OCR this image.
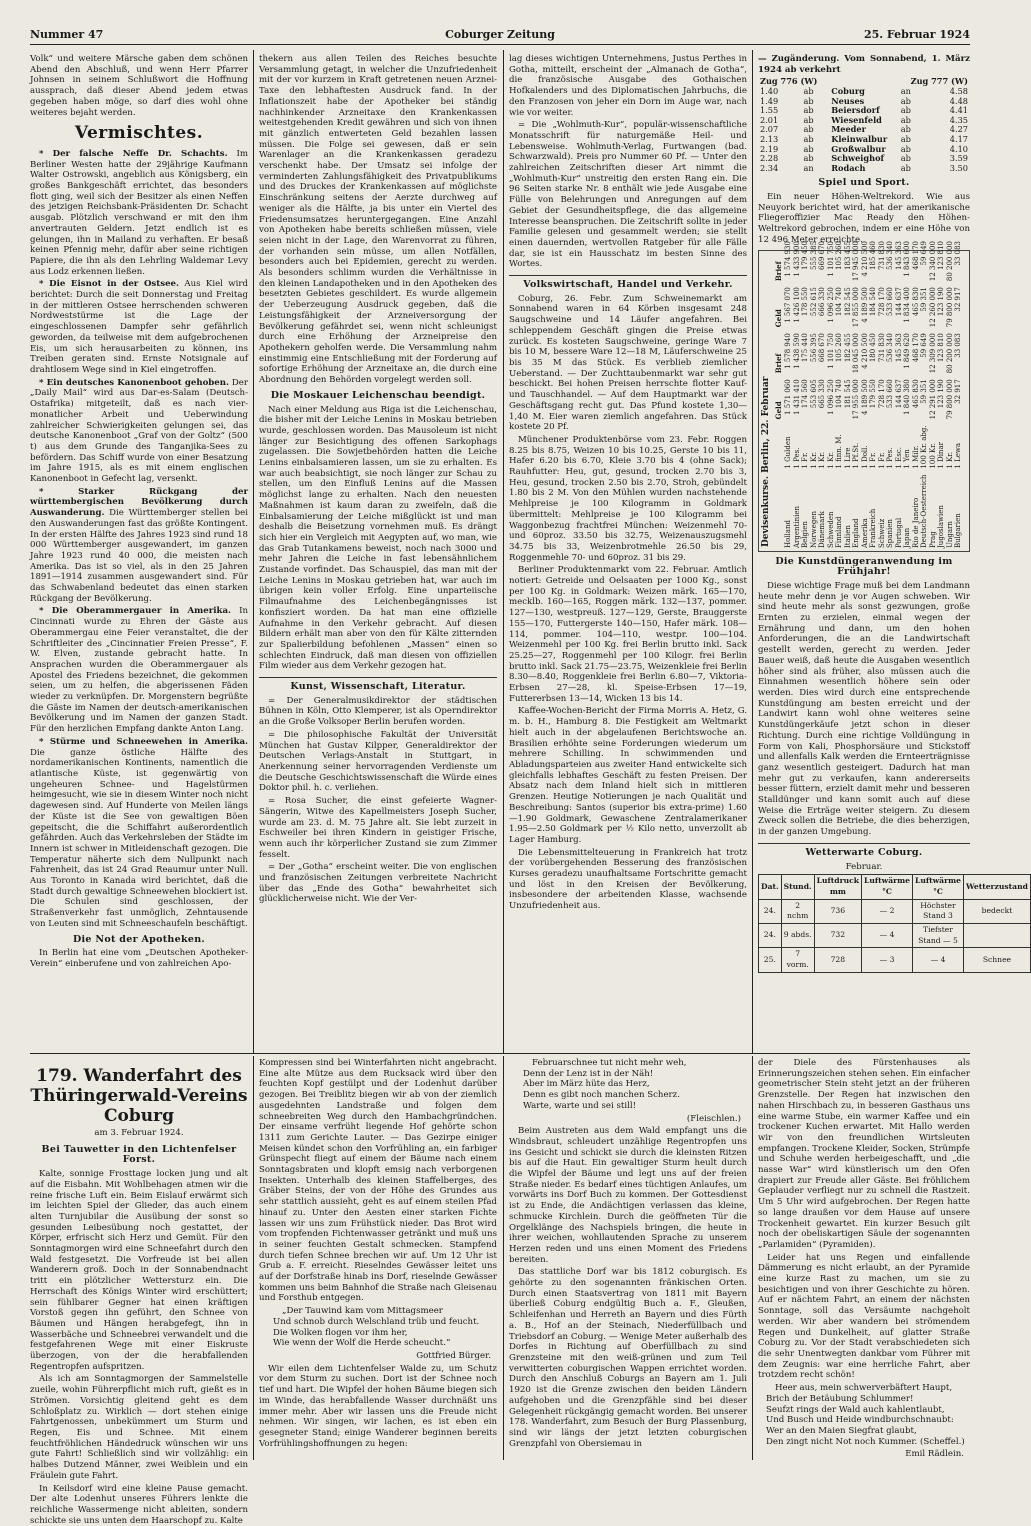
Nummer 47	Coburger Zeitung	25. Februar 1924

Volk“ und weitere Märsche gaben dem schönen Abend den Abschluß, und wenn Herr Pfarrer Johnsen in seinem Schlußwort die Hoffnung aussprach, daß dieser Abend jedem etwas gegeben haben möge, so darf dies wohl ohne weiteres bejaht werden.

Vermischtes.

* Der falsche Neffe Dr. Schachts. Im Berliner Westen hatte der 29jährige Kaufmann Walter Ostrowski, angeblich aus Königsberg, ein großes Bankgeschäft errichtet, das besonders flott ging, weil sich der Besitzer als einen Neffen des jetzigen Reichsbank-Präsidenten Dr. Schacht ausgab. Plötzlich verschwand er mit den ihm anvertrauten Geldern. Jetzt endlich ist es gelungen, ihn in Mailand zu verhaften. Er besaß keinen Pfennig mehr, dafür aber seine richtigen Papiere, die ihn als den Lehrling Waldemar Levy aus Lodz erkennen ließen.

* Die Eisnot in der Ostsee. Aus Kiel wird berichtet: Durch die seit Donnerstag und Freitag in der mittleren Ostsee herrschenden schweren Nordweststürme ist die Lage der eingeschlossenen Dampfer sehr gefährlich geworden, da teilweise mit dem aufgebrochenen Eis, um sich herausarbeiten zu können, ins Treiben geraten sind. Ernste Notsignale auf drahtlosem Wege sind in Kiel eingetroffen.

* Ein deutsches Kanonenboot gehoben. Der „Daily Mail“ wird aus Dar-es-Salam (Deutsch-Ostafrika) mitgeteilt, daß es nach vier-monatlicher Arbeit und Ueberwindung zahlreicher Schwierigkeiten gelungen sei, das deutsche Kanonenboot „Graf von der Goltz“ (500 t) aus dem Grunde des Tanganjika-Sees zu befördern. Das Schiff wurde von einer Besatzung im Jahre 1915, als es mit einem englischen Kanonenboot in Gefecht lag, versenkt.

* Starker Rückgang der württembergischen Bevölkerung durch Auswanderung. Die Württemberger stellen bei den Auswanderungen fast das größte Kontingent. In der ersten Hälfte des Jahres 1923 sind rund 18 000 Württemberger ausgewandert, im ganzen Jahre 1923 rund 40 000, die meisten nach Amerika. Das ist so viel, als in den 25 Jahren 1891—1914 zusammen ausgewandert sind. Für das Schwabenland bedeutet das einen starken Rückgang der Bevölkerung.

* Die Oberammergauer in Amerika. In Cincinnati wurde zu Ehren der Gäste aus Oberammergau eine Feier veranstaltet, die der Schriftleiter des „Cincinnatier Freien Presse“, F. W. Elven, zustande gebracht hatte. In Ansprachen wurden die Oberammergauer als Apostel des Friedens bezeichnet, die gekommen seien, um zu helfen, die abgerissenen Fäden wieder zu verknüpfen. Dr. Morgenstern begrüßte die Gäste im Namen der deutsch-amerikanischen Bevölkerung und im Namen der ganzen Stadt. Für den herzlichen Empfang dankte Anton Lang.

* Stürme und Schneewehen in Amerika. Die ganze östliche Hälfte des nordamerikanischen Kontinents, namentlich die atlantische Küste, ist gegenwärtig von ungeheuren Schnee- und Hagelstürmen heimgesucht, wie sie in diesem Winter noch nicht dagewesen sind. Auf Hunderte von Meilen längs der Küste ist die See von gewaltigen Böen gepeitscht, die die Schiffahrt außerordentlich gefährden. Auch das Verkehrsleben der Städte im Innern ist schwer in Mitleidenschaft gezogen. Die Temperatur näherte sich dem Nullpunkt nach Fahrenheit, das ist 24 Grad Reaumur unter Null. Aus Toronto in Kanada wird berichtet, daß die Stadt durch gewaltige Schneewehen blockiert ist. Die Schulen sind geschlossen, der Straßenverkehr fast unmöglich, Zehntausende von Leuten sind mit Schneeschaufeln beschäftigt.

Die Not der Apotheken.

In Berlin hat eine vom „Deutschen Apotheker-Verein“ einberufene und von zahlreichen Apo-

thekern aus allen Teilen des Reiches besuchte Versammlung getagt, in welcher die Unzufriedenheit mit der vor kurzem in Kraft getretenen neuen Arznei-Taxe den lebhaftesten Ausdruck fand. In der Inflationszeit habe der Apotheker bei ständig nachhinkender Arzneitaxe den Krankenkassen weitestgehenden Kredit gewähren und sich von ihnen mit gänzlich entwerteten Geld bezahlen lassen müssen. Die Folge sei gewesen, daß er sein Warenlager an die Krankenkassen geradezu verschenkt habe. Der Umsatz sei infolge der verminderten Zahlungsfähigkeit des Privatpublikums und des Druckes der Krankenkassen auf möglichste Einschränkung seitens der Aerzte durchweg auf weniger als die Hälfte, ja bis unter ein Viertel des Friedensumsatzes heruntergegangen. Eine Anzahl von Apotheken habe bereits schließen müssen, viele seien nicht in der Lage, den Warenvorrat zu führen, der vorhanden sein müsse, um allen Notfällen, besonders auch bei Epidemien, gerecht zu werden. Als besonders schlimm wurden die Verhältnisse in den kleinen Landapotheken und in den Apotheken des besetzten Gebietes geschildert. Es wurde allgemein der Ueberzeugung Ausdruck gegeben, daß die Leistungsfähigkeit der Arzneiversorgung der Bevölkerung gefährdet sei, wenn nicht schleunigst durch eine Erhöhung der Arzneipreise den Apothekern geholfen werde. Die Versammlung nahm einstimmig eine Entschließung mit der Forderung auf sofortige Erhöhung der Arzneitaxe an, die durch eine Abordnung den Behörden vorgelegt werden soll.

Die Moskauer Leichenschau beendigt.

Nach einer Meldung aus Riga ist die Leichenschau, die bisher mit der Leiche Lenins in Moskau betrieben wurde, geschlossen worden. Das Mausoleum ist nicht länger zur Besichtigung des offenen Sarkophags zugelassen. Die Sowjetbehörden hatten die Leiche Lenins einbalsamieren lassen, um sie zu erhalten. Es war auch beabsichtigt, sie noch länger zur Schau zu stellen, um den Einfluß Lenins auf die Massen möglichst lange zu erhalten. Nach den neuesten Maßnahmen ist kaum daran zu zweifeln, daß die Einbalsamierung der Leiche mißglückt ist und man deshalb die Beisetzung vornehmen muß. Es drängt sich hier ein Vergleich mit Aegypten auf, wo man, wie das Grab Tutankamens beweist, noch nach 3000 und mehr Jahren die Leiche in fast lebensähnlichem Zustande vorfindet. Das Schauspiel, das man mit der Leiche Lenins in Moskau getrieben hat, war auch im übrigen kein voller Erfolg. Eine unparteiische Filmaufnahme des Leichenbegängnisses ist konfisziert worden. Da hat man eine offizielle Aufnahme in den Verkehr gebracht. Auf diesen Bildern erhält man aber von den für Kälte zitternden zur Spalierbildung befohlenen „Massen“ einen so schlechten Eindruck, daß man diesen von offiziellen Film wieder aus dem Verkehr gezogen hat.

Kunst, Wissenschaft, Literatur.

= Der Generalmusikdirektor der städtischen Bühnen in Köln, Otto Klemperer, ist als Operndirektor an die Große Volksoper Berlin berufen worden.

= Die philosophische Fakultät der Universität München hat Gustav Kilpper, Generaldirektor der Deutschen Verlags-Anstalt in Stuttgart, in Anerkennung seiner hervorragenden Verdienste um die Deutsche Geschichtswissenschaft die Würde eines Doktor phil. h. c. verliehen.

= Rosa Sucher, die einst gefeierte Wagner-Sängerin, Witwe des Kapellmeisters Joseph Sucher, wurde am 23. d. M. 75 Jahre alt. Sie lebt zurzeit in Eschweiler bei ihren Kindern in geistiger Frische, wenn auch ihr körperlicher Zustand sie zum Zimmer fesselt.

= Der „Gotha“ erscheint weiter. Die von englischen und französischen Zeitungen verbreitete Nachricht über das „Ende des Gotha“ bewahrheitet sich glücklicherweise nicht. Wie der Ver-

lag dieses wichtigen Unternehmens, Justus Perthes in Gotha, mitteilt, erscheint der „Almanach de Gotha“, die französische Ausgabe des Gothaischen Hofkalenders und des Diplomatischen Jahrbuchs, die den Franzosen von jeher ein Dorn im Auge war, nach wie vor weiter.

= Die „Wohlmuth-Kur“, populär-wissenschaftliche Monatsschrift für naturgemäße Heil- und Lebensweise. Wohlmuth-Verlag, Furtwangen (bad. Schwarzwald). Preis pro Nummer 60 Pf. — Unter den zahlreichen Zeitschriften dieser Art nimmt die „Wohlmuth-Kur“ unstreitig den ersten Rang ein. Die 96 Seiten starke Nr. 8 enthält wie jede Ausgabe eine Fülle von Belehrungen und Anregungen auf dem Gebiet der Gesundheitspflege, die das allgemeine Interesse beanspruchen. Die Zeitschrift sollte in jeder Familie gelesen und gesammelt werden; sie stellt einen dauernden, wertvollen Ratgeber für alle Fälle dar, sie ist ein Hausschatz im besten Sinne des Wortes.

Volkswirtschaft, Handel und Verkehr.

Coburg, 26. Febr. Zum Schweinemarkt am Sonnabend waren in 64 Körben insgesamt 248 Saugschweine und 14 Läufer angefahren. Bei schleppendem Geschäft gingen die Preise etwas zurück. Es kosteten Saugschweine, geringe Ware 7 bis 10 M, bessere Ware 12—18 M, Läuferschweine 25 bis 35 M das Stück. Es verblieb ziemlicher Ueberstand. — Der Zuchttaubenmarkt war sehr gut beschickt. Bei hohen Preisen herrschte flotter Kauf- und Tauschhandel. — Auf dem Hauptmarkt war der Geschäftsgang recht gut. Das Pfund kostete 1,30—1,40 M. Eier waren ziemlich angefahren. Das Stück kostete 20 Pf.

Münchener Produktenbörse vom 23. Febr. Roggen 8.25 bis 8.75, Weizen 10 bis 10.25, Gerste 10 bis 11, Hafer 6.20 bis 6.70, Kleie 3.70 bis 4 (ohne Sack); Rauhfutter: Heu, gut, gesund, trocken 2.70 bis 3, Heu, gesund, trocken 2.50 bis 2.70, Stroh, gebündelt 1.80 bis 2 M. Von den Mühlen wurden nachstehende Mehlpreise je 100 Kilogramm in Goldmark übermittelt: Mehlpreise je 100 Kilogramm bei Waggonbezug frachtfrei München: Weizenmehl 70- und 60proz. 33.50 bis 32.75, Weizenauszugsmehl 34.75 bis 33, Weizenbrotmehle 26.50 bis 29, Roggenmehle 70- und 60proz. 31 bis 29.

Berliner Produktenmarkt vom 22. Februar. Amtlich notiert: Getreide und Oelsaaten per 1000 Kg., sonst per 100 Kg. in Goldmark: Weizen märk. 165—170, mecklb. 160—165, Roggen märk. 132—137, pommer. 127—130, westpreuß. 127—129, Gerste, Brauggerste 155—170, Futtergerste 140—150, Hafer märk. 108—114, pommer. 104—110, westpr. 100—104. Weizenmehl per 100 Kg. frei Berlin brutto inkl. Sack 25.25—27, Roggenmehl per 100 Kilogr. frei Berlin brutto inkl. Sack 21.75—23.75, Weizenkleie frei Berlin 8.30—8.40, Roggenkleie frei Berlin 6.80—7, Viktoria-Erbsen 27—28, kl. Speise-Erbsen 17—19, Futtererbsen 13—14, Wicken 13 bis 14.

Kaffee-Wochen-Bericht der Firma Morris A. Hetz, G. m. b. H., Hamburg 8. Die Festigkeit am Weltmarkt hielt auch in der abgelaufenen Berichtswoche an. Brasilien erhöhte seine Forderungen wiederum um mehrere Schilling. In schwimmenden und Abladungsparteien aus zweiter Hand entwickelte sich gleichfalls lebhaftes Geschäft zu festen Preisen. Der Absatz nach dem Inland hielt sich in mittleren Grenzen. Heutige Notierungen je nach Qualität und Beschreibung: Santos (superior bis extra-prime) 1.60—1.90 Goldmark, Gewaschene Zentralamerikaner 1.95—2.50 Goldmark per ½ Kilo netto, unverzollt ab Lager Hamburg.

Die Lebensmittelteuerung in Frankreich hat trotz der vorübergehenden Besserung des französischen Kurses geradezu unaufhaltsame Fortschritte gemacht und löst in den Kreisen der Bevölkerung, insbesondere der arbeitenden Klasse, wachsende Unzufriedenheit aus.

— Zugänderung. Vom Sonnabend, 1. März 1924 ab verkehrt

Zug 776 (W)			Zug 777 (W)	
1.40	ab	Coburg	an	4.58
1.49	ab	Neuses	ab	4.48
1.55	ab	Beiersdorf	ab	4.41
2.01	ab	Wiesenfeld	ab	4.35
2.07	ab	Meeder	ab	4.27
2.13	ab	Kleinwalbur	ab	4.17
2.19	ab	Großwalbur	ab	4.10
2.28	ab	Schweighof	ab	3.59
2.34	an	Rodach	ab	3.50
Spiel und Sport.

Ein neuer Höhen-Weltrekord. Wie aus Neuyork berichtet wird, hat der amerikanische Fliegeroffizier Mac Ready den Höhen-Weltrekord gebrochen, indem er eine Höhe von 12 496 Meter erreichte.

Devisenkurse. Berlin, 22. Februar
		Geld	Brief	Geld	Brief
Holland	1 Gulden	1 571 060	1 578 940	1 567 070	1 574 930
Argentinien	1 Pes.	1 431 410	1 438 590	1 426 100	1 433 900
Belgien	1 Fr.	174 560	175 440	178 550	179 450
Norwegen	1 Kr.	553 605	556 395	552 615	555 385
Dänemark	1 Kr.	665 330	668 670	666 330	669 670
Schweden	1 Kr.	1 096 250	1 101 750	1 096 250	1 101 750
Finnland	1 finn. M.	104 740	105 260	104 740	105 260
Italien	1 Lire	181 545	182 455	182 545	183 455
England	1 Pf.St.	17 955 000	18 045 000	17 855 000	17 945 000
Amerika	1 Doll.	4 189 500	4 210 500	4 189 500	4 210 500
Frankreich	1 Fr.	179 550	180 450	184 540	185 460
Schweiz	1 Fr.	728 170	731 830	728 170	731 830
Spanien	1 Pes.	533 660	536 340	533 660	536 340
Portugal	1 Esc.	144 637	145 363	144 637	145 363
Japan	1 Yen	1 840 380	1 849 620	1 834 400	1 843 600
Rio de Janeiro	1 Milr.	465 830	468 170	465 830	468 170
Deutsch-Oesterreich	100 Kr. abg.	59 351	59 649	59 351	59 649
Prag	100 Kr.	12 291 000	12 309 000	12 260 000	12 340 000
Jugoslawien	1 Dinar	123 190	123 810	123 190	123 810
Ungarn	1 Kr.	79 800 000	80 200 000	79 800 000	80 200 000
Bulgarien	1 Lewa	32 917	33 083	32 917	33 083
Die Kunstdüngeranwendung im Frühjahr!

Diese wichtige Frage muß bei dem Landmann heute mehr denn je vor Augen schweben. Wir sind heute mehr als sonst gezwungen, große Ernten zu erzielen, einmal wegen der Ernährung und dann, um den hohen Anforderungen, die an die Landwirtschaft gestellt werden, gerecht zu werden. Jeder Bauer weiß, daß heute die Ausgaben wesentlich höher sind als früher, also müssen auch die Einnahmen wesentlich höhere sein oder werden. Dies wird durch eine entsprechende Kunstdüngung am besten erreicht und der Landwirt kann wohl ohne weiteres seine Kunstdüngerkäufe jetzt schon in dieser Richtung. Durch eine richtige Volldüngung in Form von Kali, Phosphorsäure und Stickstoff und allenfalls Kalk werden die Ernteerträgnisse ganz wesentlich gesteigert. Dadurch hat man mehr gut zu verkaufen, kann andererseits besser füttern, erzielt damit mehr und besseren Stalldünger und kann somit auch auf diese Weise die Erträge weiter steigern. Zu diesem Zweck sollen die Betriebe, die dies beherzigen, in der ganzen Umgebung.

Wetterwarte Coburg.
Februar.
Dat.	Stund.	Luftdruck mm	Luftwärme °C	Luftwärme °C	Wetterzustand
24.	2 nchm	736	— 2	Höchster Stand 3	bedeckt
24.	9 abds.	732	— 4	Tiefster Stand — 5	
25.	7 vorm.	728	— 3	— 4	Schnee
179. Wanderfahrt des Thüringerwald-Vereins Coburg
am 3. Februar 1924.
Bei Tauwetter in den Lichtenfelser Forst.

Kalte, sonnige Frosttage locken jung und alt auf die Eisbahn. Mit Wohlbehagen atmen wir die reine frische Luft ein. Beim Eislauf erwärmt sich im leichten Spiel der Glieder, das auch einem alten Turnjubilar die Ausübung der sonst so gesunden Leibesübung noch gestattet, der Körper, erfrischt sich Herz und Gemüt. Für den Sonntagmorgen wird eine Schneefahrt durch den Wald festgesetzt. Die Vorfreude ist bei allen Wanderern groß. Doch in der Sonnabendnacht tritt ein plötzlicher Wettersturz ein. Die Herrschaft des Königs Winter wird erschüttert; sein fühlbarer Gegner hat einen kräftigen Vorstoß gegen ihn geführt, den Schnee von Bäumen und Hängen herabgefegt, ihn in Wasserbäche und Schneebrei verwandelt und die festgefahrenen Wege mit einer Eiskruste überzogen, von der die herabfallenden Regentropfen aufspritzen.

Als ich am Sonntagmorgen der Sammelstelle zueile, wohin Führerpflicht mich ruft, gießt es in Strömen. Vorsichtig gleitend geht es dem Schloßplatz zu. Wirklich — dort stehen einige Fahrtgenossen, unbekümmert um Sturm und Regen, Eis und Schnee. Mit einem feuchtfröhlichen Händedruck wünschen wir uns gute Fahrt! Schließlich sind wir vollzählig: ein halbes Dutzend Männer, zwei Weiblein und ein Fräulein gute Fahrt.

In Keilsdorf wird eine kleine Pause gemacht. Der alte Lodenhut unseres Führers lenkte die reichliche Wassermenge nicht ableiten, sondern schickte sie uns unten dem Haarschopf zu. Kalte

Kompressen sind bei Winterfahrten nicht angebracht. Eine alte Mütze aus dem Rucksack wird über den feuchten Kopf gestülpt und der Lodenhut darüber gezogen. Bei Treiblitz biegen wir ab von der ziemlich ausgedehnten Landstraße und folgen dem schneebreiten Weg durch den Hambachgründchen. Der einsame verfrüht liegende Hof gehörte schon 1311 zum Gerichte Lauter. — Das Gezirpe einiger Meisen kündet schon den Vorfrühling an, ein farbiger Grünspecht fliegt auf einem der Bäume nach einem Sonntagsbraten und klopft emsig nach verborgenen Insekten. Unterhalb des kleinen Staffelberges, des Gräber Steins, der von der Höhe des Grundes aus sehr stattlich aussieht, geht es auf einem steilen Pfad hinauf zu. Unter den Aesten einer starken Fichte lassen wir uns zum Frühstück nieder. Das Brot wird vom tropfenden Fichtenwasser getränkt und muß uns in seiner feuchten Gestalt schmecken. Stampfend durch tiefen Schnee brechen wir auf. Um 12 Uhr ist Grub a. F. erreicht. Rieselndes Gewässer leitet uns auf der Dorfstraße hinab ins Dorf, rieselnde Gewässer kommen uns beim Bahnhof die Straße nach Gleisenau und Forsthub entgegen.

„Der Tauwind kam vom Mittagsmeer
Und schnob durch Welschland trüb und feucht.
Die Wolken flogen vor ihm her,
Wie wenn der Wolf die Herde scheucht.“

Gottfried Bürger.

Wir eilen dem Lichtenfelser Walde zu, um Schutz vor dem Sturm zu suchen. Dort ist der Schnee noch tief und hart. Die Wipfel der hohen Bäume biegen sich im Winde, das herabfallende Wasser durchnäßt uns immer mehr. Aber wir lassen uns die Freude nicht nehmen. Wir singen, wir lachen, es ist eben ein gesegneter Stand; einige Wanderer beginnen bereits Vorfrühlingshoffnungen zu hegen:

Februarschnee tut nicht mehr weh,
Denn der Lenz ist in der Näh!
Aber im März hüte das Herz,
Denn es gibt noch manchen Scherz.
Warte, warte und sei still!

(Fleischlen.)

Beim Austreten aus dem Wald empfangt uns die Windsbraut, schleudert unzählige Regentropfen uns ins Gesicht und schickt sie durch die kleinsten Ritzen bis auf die Haut. Ein gewaltiger Sturm heult durch die Wipfel der Bäume und legt uns auf der freien Straße nieder. Es bedarf eines tüchtigen Anlaufes, um vorwärts ins Dorf Buch zu kommen. Der Gottesdienst ist zu Ende, die Andächtigen verlassen das kleine, schmucke Kirchlein. Durch die geöffneten Tür die Orgelklänge des Nachspiels bringen, die heute in ihrer weichen, wohllautenden Sprache zu unserem Herzen reden und uns einen Moment des Friedens bereiten.

Das stattliche Dorf war bis 1812 coburgisch. Es gehörte zu den sogenannten fränkischen Orten. Durch einen Staatsvertrag von 1811 mit Bayern überließ Coburg endgültig Buch a. F., Gleußen, Schleifenhan und Herreth an Bayern und dies Fürth a. B., Hof an der Steinach, Niederfüllbach und Triebsdorf an Coburg. — Wenige Meter außerhalb des Dorfes in Richtung auf Oberfüllbach zu sind Grenzsteine mit den weiß-grünen und zum Teil verwitterten coburgischen Wappen errichtet worden. Durch den Anschluß Coburgs an Bayern am 1. Juli 1920 ist die Grenze zwischen den beiden Ländern aufgehoben und die Grenzpfähle sind bei dieser Gelegenheit rückgängig gemacht worden. Bei unserer 178. Wanderfahrt, zum Besuch der Burg Plassenburg, sind wir längs der jetzt letzten coburgischen Grenzpfahl von Obersiemau in

der Diele des Fürstenhauses als Erinnerungszeichen stehen sehen. Ein einfacher geometrischer Stein steht jetzt an der früheren Grenzstelle. Der Regen hat inzwischen den nahen Hirschbach zu, in besseren Gasthaus uns eine warme Stube, ein warmer Kaffee und ein trockener Kuchen erwartet. Mit Hallo werden wir von den freundlichen Wirtsleuten empfangen. Trockene Kleider, Socken, Strümpfe und Schuhe werden herbeigeschafft, und „die nasse War“ wird künstlerisch um den Ofen drapiert zur Freude aller Gäste. Bei fröhlichem Geplauder verfliegt nur zu schnell die Rastzeit. Um 5 Uhr wird aufgebrochen. Der Regen hatte so lange draußen vor dem Hause auf unsere Trockenheit gewartet. Ein kurzer Besuch gilt noch der obeliskartigen Säule der sogenannten „Parlamiden“ (Pyramiden).

Leider hat uns Regen und einfallende Dämmerung es nicht erlaubt, an der Pyramide eine kurze Rast zu machen, um sie zu besichtigen und von ihrer Geschichte zu hören. Auf er nächtem Fahrt, an einem der nächsten Sonntage, soll das Versäumte nachgeholt werden. Wir aber wandern bei strömendem Regen und Dunkelheit, auf glatter Straße Coburg zu. Vor der Stadt verabschiedeten sich die sehr Unentwegten dankbar vom Führer mit dem Zeugnis: war eine herrliche Fahrt, aber trotzdem recht schön!

Heer aus, mein schwerverbäftert Haupt,
Brich der Betäubung Schlummer!
Seufzt rings der Wald auch kahlentlaubt,
Und Busch und Heide windburchschnaubt:
Wer an den Maien Siegfrat glaubt,
Den zingt nicht Not noch Kummer. (Scheffel.)

Emil Rädlein.
